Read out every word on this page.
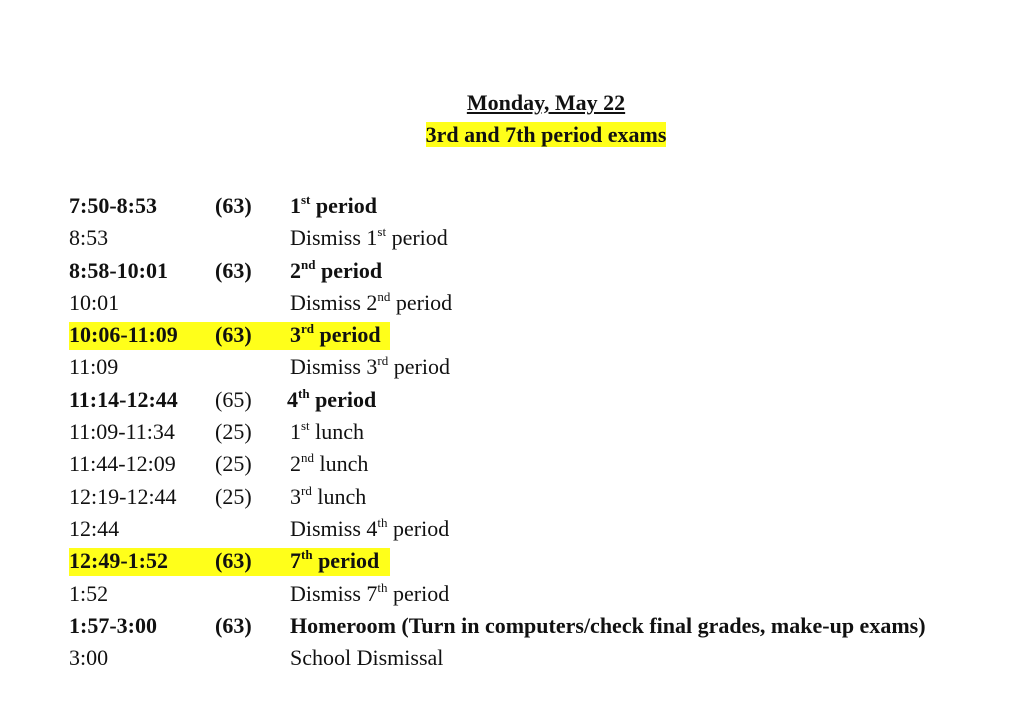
Monday, May 22
3rd and 7th period exams
7:50-8:53	(63) 1st period
8:53	Dismiss 1st period
8:58-10:01 (63) 2nd period
10:01	Dismiss 2nd period
10:06-11:09 (63) 3rd period
11:09	Dismiss 3rd period
11:14-12:44 (65) 4th period
11:09-11:34 (25) 1st lunch
11:44-12:09 (25) 2nd lunch
12:19-12:44 (25) 3rd lunch
12:44	Dismiss 4th period
12:49-1:52 (63) 7th period
1:52	Dismiss 7th period
1:57-3:00	(63) Homeroom (Turn in computers/check final grades, make-up exams)
3:00	School Dismissal
